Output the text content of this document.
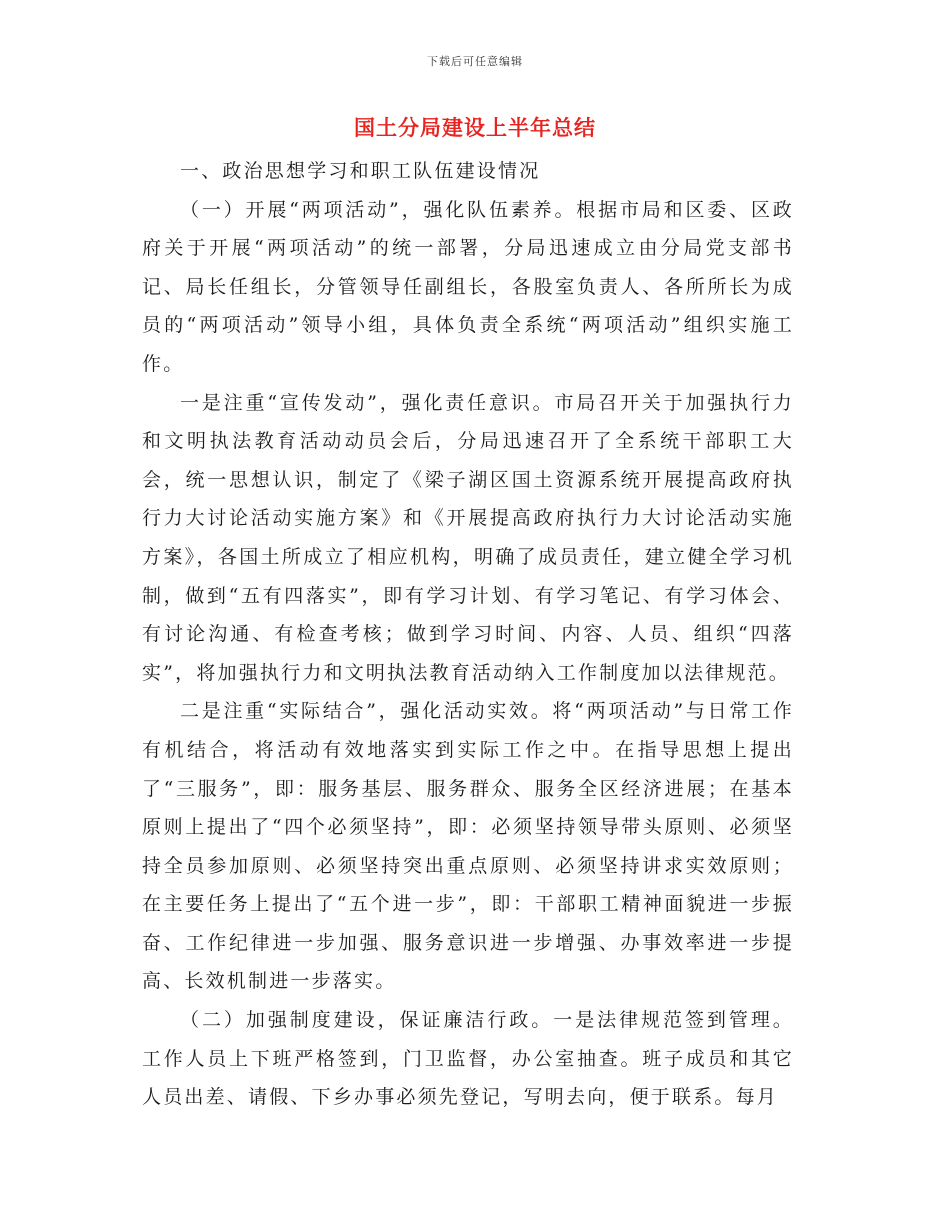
下载后可任意编辑
国土分局建设上半年总结

一、政治思想学习和职工队伍建设情况

（一）开展“两项活动”，强化队伍素养。根据市局和区委、区政府关于开展“两项活动”的统一部署，分局迅速成立由分局党支部书记、局长任组长，分管领导任副组长，各股室负责人、各所所长为成员的“两项活动”领导小组，具体负责全系统“两项活动”组织实施工作。

一是注重“宣传发动”，强化责任意识。市局召开关于加强执行力和文明执法教育活动动员会后，分局迅速召开了全系统干部职工大会，统一思想认识，制定了《梁子湖区国土资源系统开展提高政府执行力大讨论活动实施方案》和《开展提高政府执行力大讨论活动实施方案》，各国土所成立了相应机构，明确了成员责任，建立健全学习机制，做到“五有四落实”，即有学习计划、有学习笔记、有学习体会、有讨论沟通、有检查考核；做到学习时间、内容、人员、组织“四落实”，将加强执行力和文明执法教育活动纳入工作制度加以法律规范。

二是注重“实际结合”，强化活动实效。将“两项活动”与日常工作有机结合，将活动有效地落实到实际工作之中。在指导思想上提出了“三服务”，即：服务基层、服务群众、服务全区经济进展；在基本原则上提出了“四个必须坚持”，即：必须坚持领导带头原则、必须坚持全员参加原则、必须坚持突出重点原则、必须坚持讲求实效原则；在主要任务上提出了“五个进一步”，即：干部职工精神面貌进一步振奋、工作纪律进一步加强、服务意识进一步增强、办事效率进一步提高、长效机制进一步落实。

（二）加强制度建设，保证廉洁行政。一是法律规范签到管理。工作人员上下班严格签到，门卫监督，办公室抽查。班子成员和其它人员出差、请假、下乡办事必须先登记，写明去向，便于联系。每月
